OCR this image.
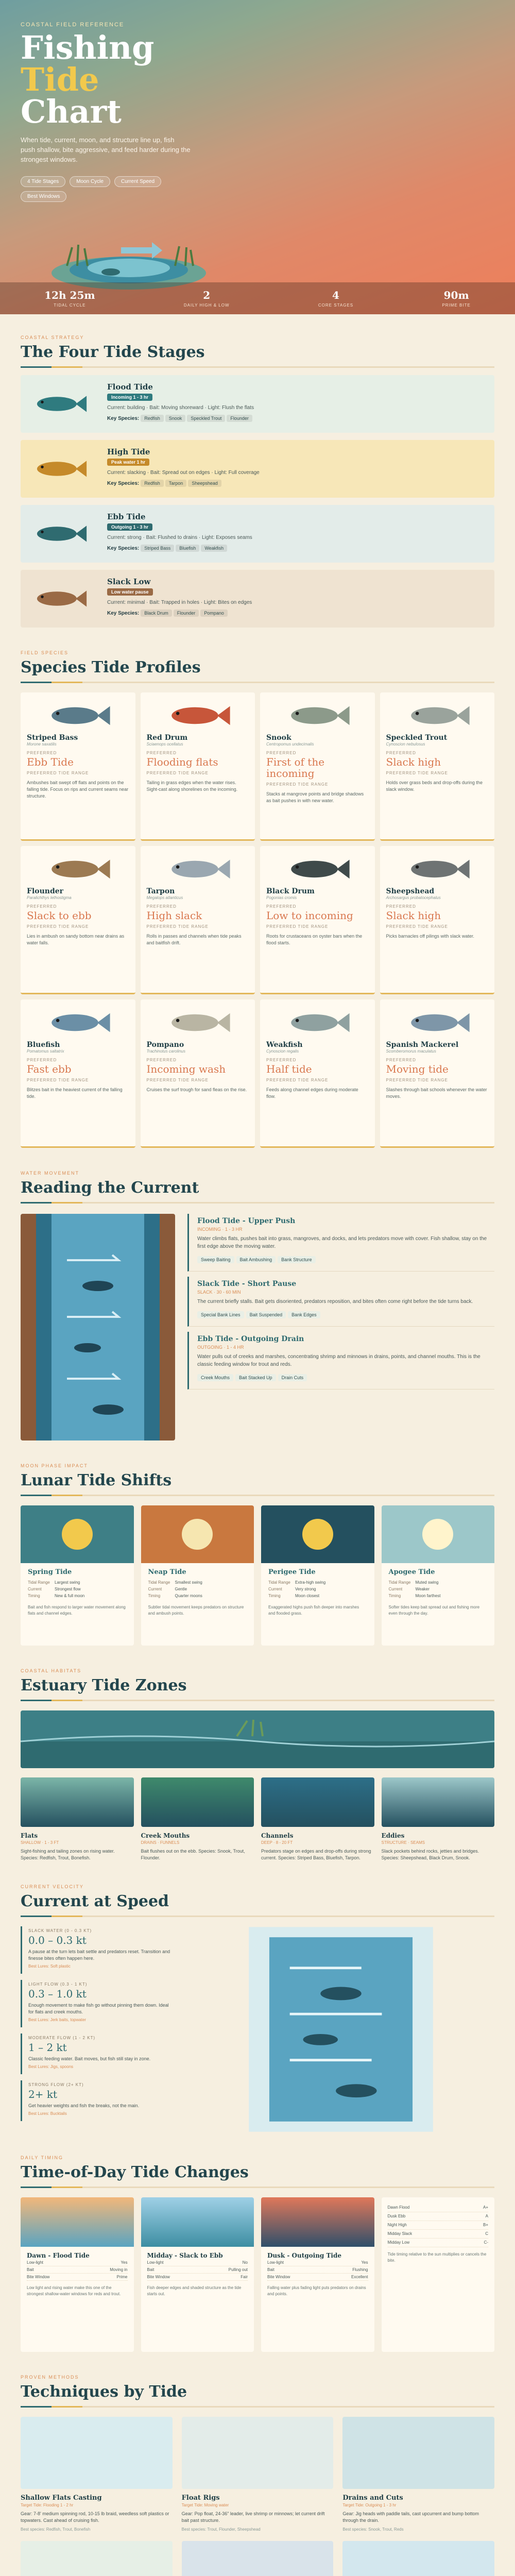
COASTAL FIELD REFERENCE
Fishing
Tide
Chart
When tide, current, moon, and structure line up, fish push shallow, bite aggressive, and feed harder during the strongest windows.
4 Tide Stages	Moon Cycle	Current Speed
Best Windows
12h 25m
TIDAL CYCLE
2
DAILY HIGH & LOW
4
CORE STAGES
90m
PRIME BITE
COASTAL STRATEGY
The Four Tide Stages
Flood Tide
Incoming 1 - 3 hr
Current: building · Bait: Moving shoreward · Light: Flush the flats
Key Species: Redfish Snook Speckled Trout Flounder
High Tide
Peak water 1 hr
Current: slacking · Bait: Spread out on edges · Light: Full coverage
Key Species: Redfish Tarpon Sheepshead
Ebb Tide
Outgoing 1 - 3 hr
Current: strong · Bait: Flushed to drains · Light: Exposes seams
Key Species: Striped Bass Bluefish Weakfish
Slack Low
Low water pause
Current: minimal · Bait: Trapped in holes · Light: Bites on edges
Key Species: Black Drum Flounder Pompano
FIELD SPECIES
Species Tide Profiles
Striped Bass
Morone saxatilis
PREFERRED
Ebb Tide
PREFERRED TIDE RANGE
Ambushes bait swept off flats and points on the falling tide. Focus on rips and current seams near structure.
Red Drum
Sciaenops ocellatus
PREFERRED
Flooding flats
PREFERRED TIDE RANGE
Tailing in grass edges when the water rises. Sight-cast along shorelines on the incoming.
Snook
Centropomus undecimalis
PREFERRED
First of the incoming
PREFERRED TIDE RANGE
Stacks at mangrove points and bridge shadows as bait pushes in with new water.
Speckled Trout
Cynoscion nebulosus
PREFERRED
Slack high
PREFERRED TIDE RANGE
Holds over grass beds and drop-offs during the slack window.
Flounder
Paralichthys lethostigma
PREFERRED
Slack to ebb
PREFERRED TIDE RANGE
Lies in ambush on sandy bottom near drains as water falls.
Tarpon
Megalops atlanticus
PREFERRED
High slack
PREFERRED TIDE RANGE
Rolls in passes and channels when tide peaks and baitfish drift.
Black Drum
Pogonias cromis
PREFERRED
Low to incoming
PREFERRED TIDE RANGE
Roots for crustaceans on oyster bars when the flood starts.
Sheepshead
Archosargus probatocephalus
PREFERRED
Slack high
PREFERRED TIDE RANGE
Picks barnacles off pilings with slack water.
Bluefish
Pomatomus saltatrix
PREFERRED
Fast ebb
PREFERRED TIDE RANGE
Blitzes bait in the heaviest current of the falling tide.
Pompano
Trachinotus carolinus
PREFERRED
Incoming wash
PREFERRED TIDE RANGE
Cruises the surf trough for sand fleas on the rise.
Weakfish
Cynoscion regalis
PREFERRED
Half tide
PREFERRED TIDE RANGE
Feeds along channel edges during moderate flow.
Spanish Mackerel
Scomberomorus maculatus
PREFERRED
Moving tide
PREFERRED TIDE RANGE
Slashes through bait schools whenever the water moves.
WATER MOVEMENT
Reading the Current
Flood Tide - Upper Push
INCOMING · 1 - 3 HR
Water climbs flats, pushes bait into grass, mangroves, and docks, and lets predators move with cover. Fish shallow, stay on the first edge above the moving water.
Sweep Baiting Bait Ambushing Bank Structure
Slack Tide - Short Pause
SLACK · 30 - 60 MIN
The current briefly stalls. Bait gets disoriented, predators reposition, and bites often come right before the tide turns back.
Special Bank Lines Bait Suspended Bank Edges
Ebb Tide - Outgoing Drain
OUTGOING · 1 - 4 HR
Water pulls out of creeks and marshes, concentrating shrimp and minnows in drains, points, and channel mouths. This is the classic feeding window for trout and reds.
Creek Mouths Bait Stacked Up Drain Cuts
MOON PHASE IMPACT
Lunar Tide Shifts
Spring Tide
Tidal Range	Largest swing
Current	Strongest flow
Timing	New & full moon
Bait and fish respond to larger water movement along flats and channel edges.
Neap Tide
Tidal Range	Smallest swing
Current	Gentle
Timing	Quarter moons
Subtler tidal movement keeps predators on structure and ambush points.
Perigee Tide
Tidal Range	Extra-high swing
Current	Very strong
Timing	Moon closest
Exaggerated highs push fish deeper into marshes and flooded grass.
Apogee Tide
Tidal Range	Muted swing
Current	Weaker
Timing	Moon farthest
Softer tides keep bait spread out and fishing more even through the day.
COASTAL HABITATS
Estuary Tide Zones
Flats
SHALLOW · 1 - 3 FT
Sight-fishing and tailing zones on rising water. Species: Redfish, Trout, Bonefish.
Creek Mouths
DRAINS · FUNNELS
Bait flushes out on the ebb. Species: Snook, Trout, Flounder.
Channels
DEEP · 8 - 20 FT
Predators stage on edges and drop-offs during strong current. Species: Striped Bass, Bluefish, Tarpon.
Eddies
STRUCTURE · SEAMS
Slack pockets behind rocks, jetties and bridges. Species: Sheepshead, Black Drum, Snook.
CURRENT VELOCITY
Current at Speed
SLACK WATER (0 - 0.3 KT)
0.0 – 0.3 kt
A pause at the turn lets bait settle and predators reset. Transition and finesse bites often happen here.
Best Lures: Soft plastic
LIGHT FLOW (0.3 - 1 KT)
0.3 – 1.0 kt
Enough movement to make fish go without pinning them down. Ideal for flats and creek mouths.
Best Lures: Jerk baits, topwater
MODERATE FLOW (1 - 2 KT)
1 – 2 kt
Classic feeding water. Bait moves, but fish still stay in zone.
Best Lures: Jigs, spoons
STRONG FLOW (2+ KT)
2+ kt
Get heavier weights and fish the breaks, not the main.
Best Lures: Bucktails
DAILY TIMING
Time-of-Day Tide Changes
Dawn - Flood Tide
Low-light	Yes
Bait	Moving in
Bite Window	Prime
Low light and rising water make this one of the strongest shallow-water windows for reds and trout.
Midday - Slack to Ebb
Low-light	No
Bait	Pulling out
Bite Window	Fair
Fish deeper edges and shaded structure as the tide starts out.
Dusk - Outgoing Tide
Low-light	Yes
Bait	Flushing
Bite Window	Excellent
Falling water plus fading light puts predators on drains and points.
Dawn Flood	A+
Dusk Ebb	A
Night High	B+
Midday Slack	C
Midday Low	C-
Tide timing relative to the sun multiplies or cancels the bite.
PROVEN METHODS
Techniques by Tide
Shallow Flats Casting
Target Tide: Flooding 1 - 2 hr
Gear: 7-8' medium spinning rod, 10-15 lb braid, weedless soft plastics or topwaters. Cast ahead of cruising fish.
Best species: Redfish, Trout, Bonefish
Float Rigs
Target Tide: Moving water
Gear: Pop float, 24-36" leader, live shrimp or minnows; let current drift bait past structure.
Best species: Trout, Flounder, Sheepshead
Drains and Cuts
Target Tide: Outgoing 1 - 3 hr
Gear: Jig heads with paddle tails, cast upcurrent and bump bottom through the drain.
Best species: Snook, Trout, Reds
